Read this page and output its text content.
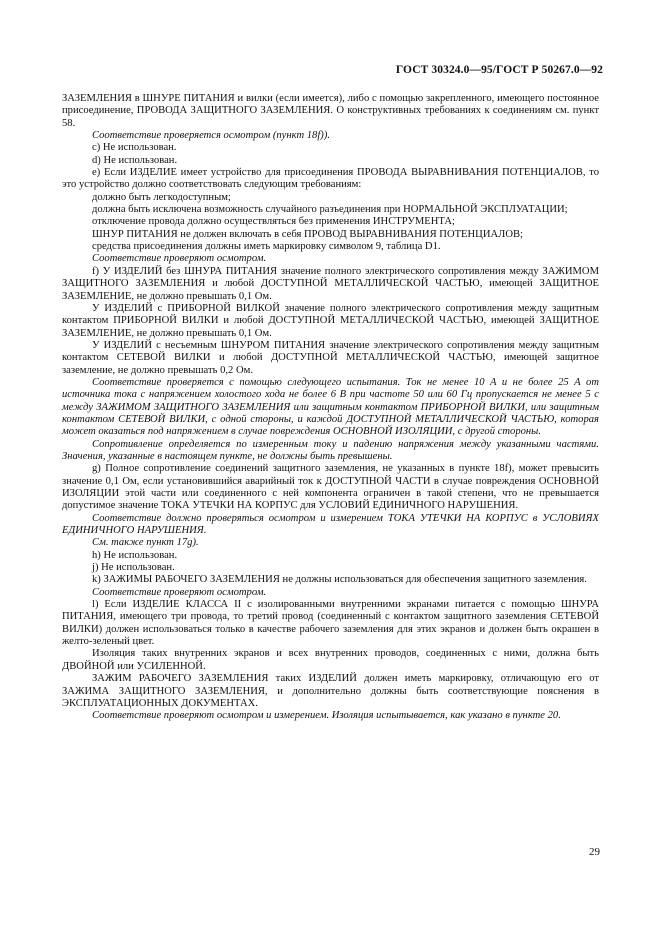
ГОСТ 30324.0—95/ГОСТ Р 50267.0—92

ЗАЗЕМЛЕНИЯ в ШНУРЕ ПИТАНИЯ и вилки (если имеется), либо с помощью закрепленного, имеющего постоянное присоединение, ПРОВОДА ЗАЩИТНОГО ЗАЗЕМЛЕНИЯ. О конструктивных требованиях к соединениям см. пункт 58.

Соответствие проверяется осмотром (пункт 18f)).

c) Не использован.

d) Не использован.

e) Если ИЗДЕЛИЕ имеет устройство для присоединения ПРОВОДА ВЫРАВНИВАНИЯ ПОТЕНЦИАЛОВ, то это устройство должно соответствовать следующим требованиям:

должно быть легкодоступным;

должна быть исключена возможность случайного разъединения при НОРМАЛЬНОЙ ЭКСПЛУАТАЦИИ;

отключение провода должно осуществляться без применения ИНСТРУМЕНТА;

ШНУР ПИТАНИЯ не должен включать в себя ПРОВОД ВЫРАВНИВАНИЯ ПОТЕНЦИАЛОВ;

средства присоединения должны иметь маркировку символом 9, таблица D1.

Соответствие проверяют осмотром.

f) У ИЗДЕЛИЙ без ШНУРА ПИТАНИЯ значение полного электрического сопротивления между ЗАЖИМОМ ЗАЩИТНОГО ЗАЗЕМЛЕНИЯ и любой ДОСТУПНОЙ МЕТАЛЛИЧЕСКОЙ ЧАСТЬЮ, имеющей ЗАЩИТНОЕ ЗАЗЕМЛЕНИЕ, не должно превышать 0,1 Ом.

У ИЗДЕЛИЙ с ПРИБОРНОЙ ВИЛКОЙ значение полного электрического сопротивления между защитным контактом ПРИБОРНОЙ ВИЛКИ и любой ДОСТУПНОЙ МЕТАЛЛИЧЕСКОЙ ЧАСТЬЮ, имеющей ЗАЩИТНОЕ ЗАЗЕМЛЕНИЕ, не должно превышать 0,1 Ом.

У ИЗДЕЛИЙ с несъемным ШНУРОМ ПИТАНИЯ значение электрического сопротивления между защитным контактом СЕТЕВОЙ ВИЛКИ и любой ДОСТУПНОЙ МЕТАЛЛИЧЕСКОЙ ЧАСТЬЮ, имеющей защитное заземление, не должно превышать 0,2 Ом.

Соответствие проверяется с помощью следующего испытания. Ток не менее 10 А и не более 25 А от источника тока с напряжением холостого хода не более 6 В при частоте 50 или 60 Гц пропускается не менее 5 с между ЗАЖИМОМ ЗАЩИТНОГО ЗАЗЕМЛЕНИЯ или защитным контактом ПРИБОРНОЙ ВИЛКИ, или защитным контактом СЕТЕВОЙ ВИЛКИ, с одной стороны, и каждой ДОСТУПНОЙ МЕТАЛЛИЧЕСКОЙ ЧАСТЬЮ, которая может оказаться под напряжением в случае повреждения ОСНОВНОЙ ИЗОЛЯЦИИ, с другой стороны.

Сопротивление определяется по измеренным току и падению напряжения между указанными частями. Значения, указанные в настоящем пункте, не должны быть превышены.

g) Полное сопротивление соединений защитного заземления, не указанных в пункте 18f), может превысить значение 0,1 Ом, если установившийся аварийный ток к ДОСТУПНОЙ ЧАСТИ в случае повреждения ОСНОВНОЙ ИЗОЛЯЦИИ этой части или соединенного с ней компонента ограничен в такой степени, что не превышается допустимое значение ТОКА УТЕЧКИ НА КОРПУС для УСЛОВИЙ ЕДИНИЧНОГО НАРУШЕНИЯ.

Соответствие должно проверяться осмотром и измерением ТОКА УТЕЧКИ НА КОРПУС в УСЛОВИЯХ ЕДИНИЧНОГО НАРУШЕНИЯ.

См. также пункт 17g).

h) Не использован.

j) Не использован.

k) ЗАЖИМЫ РАБОЧЕГО ЗАЗЕМЛЕНИЯ не должны использоваться для обеспечения защитного заземления.

Соответствие проверяют осмотром.

l) Если ИЗДЕЛИЕ КЛАССА II с изолированными внутренними экранами питается с помощью ШНУРА ПИТАНИЯ, имеющего три провода, то третий провод (соединенный с контактом защитного заземления СЕТЕВОЙ ВИЛКИ) должен использоваться только в качестве рабочего заземления для этих экранов и должен быть окрашен в желто-зеленый цвет.

Изоляция таких внутренних экранов и всех внутренних проводов, соединенных с ними, должна быть ДВОЙНОЙ или УСИЛЕННОЙ.

ЗАЖИМ РАБОЧЕГО ЗАЗЕМЛЕНИЯ таких ИЗДЕЛИЙ должен иметь маркировку, отличающую его от ЗАЖИМА ЗАЩИТНОГО ЗАЗЕМЛЕНИЯ, и дополнительно должны быть соответствующие пояснения в ЭКСПЛУАТАЦИОННЫХ ДОКУМЕНТАХ.

Соответствие проверяют осмотром и измерением. Изоляция испытывается, как указано в пункте 20.

29
